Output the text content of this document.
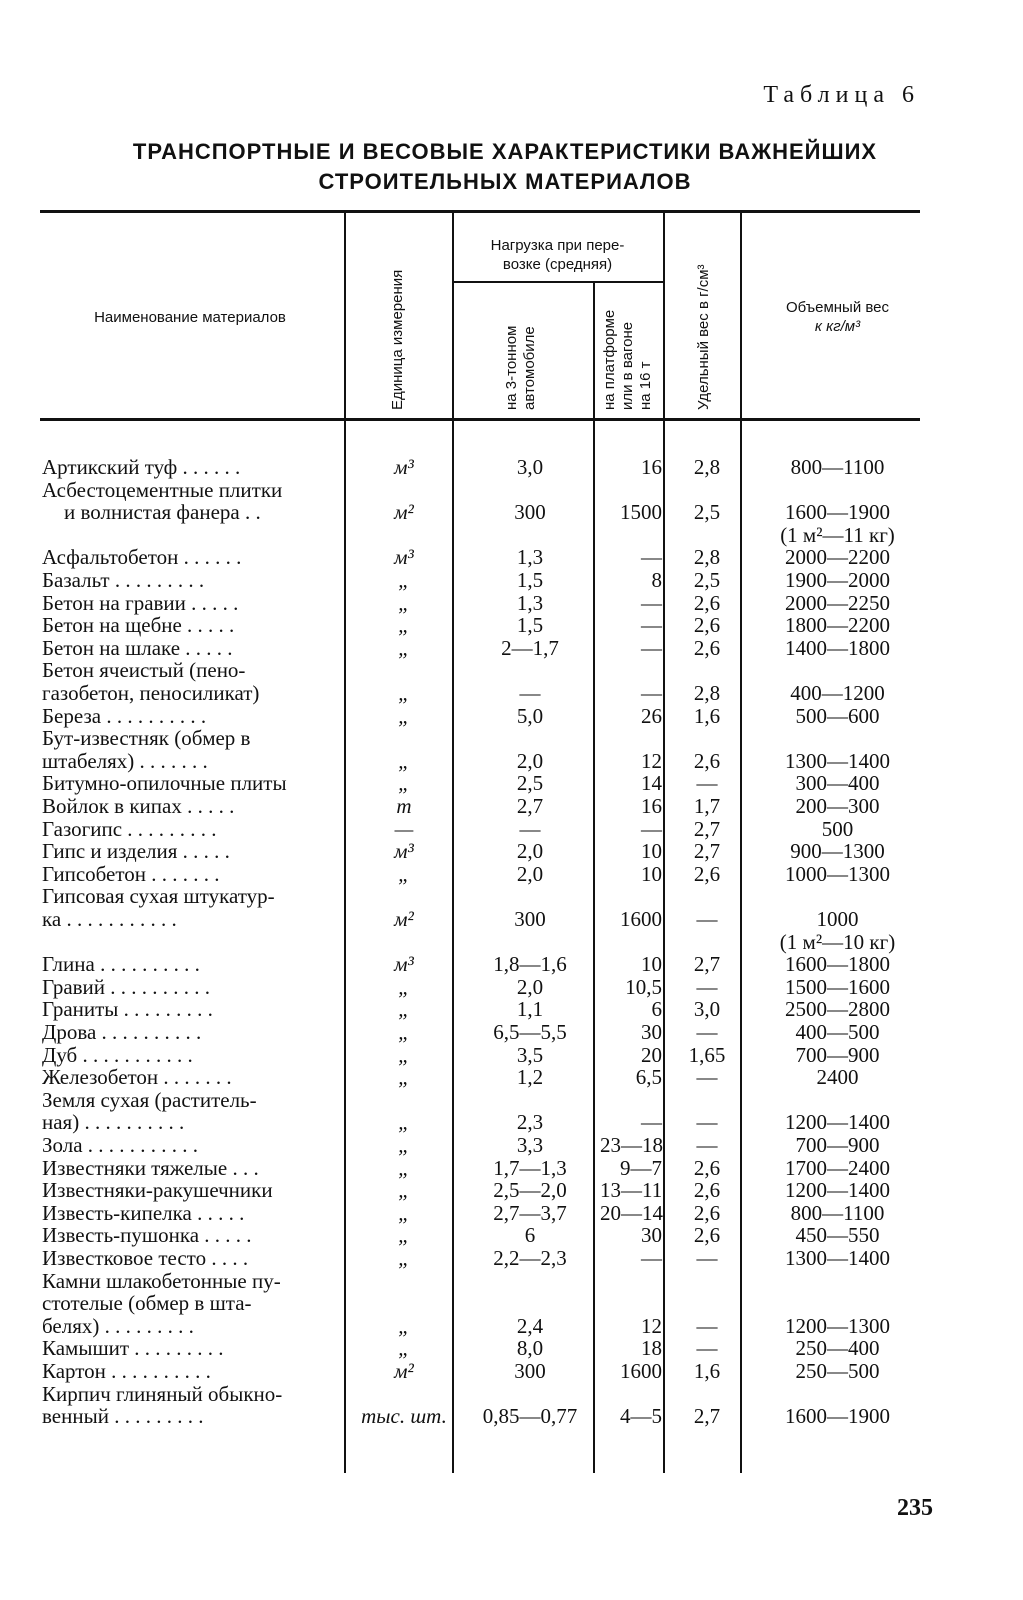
Таблица 6
ТРАНСПОРТНЫЕ И ВЕСОВЫЕ ХАРАКТЕРИСТИКИ ВАЖНЕЙШИХ
СТРОИТЕЛЬНЫХ МАТЕРИАЛОВ
Наименование материалов	Единица измерения
Нагрузка при пере-
возке (средняя)
на 3-тонном автомобиле	на платформе или в вагоне на 16 т	Удельный вес в г/см³	Объемный вес
к кг/м³
Артикский туф . . . . . .	м³	3,0	16	2,8	800—1100
Асбестоцементные плитки
и волнистая фанера . .	м²	300	1500	2,5	1600—1900
(1 м²—11 кг)
Асфальтобетон . . . . . .	м³	1,3	—	2,8	2000—2200
Базальт . . . . . . . . .	„	1,5	8	2,5	1900—2000
Бетон на гравии . . . . .	„	1,3	—	2,6	2000—2250
Бетон на щебне . . . . .	„	1,5	—	2,6	1800—2200
Бетон на шлаке . . . . .	„	2—1,7	—	2,6	1400—1800
Бетон ячеистый (пено-
газобетон, пеносиликат)	„	—	—	2,8	400—1200
Береза . . . . . . . . . .	„	5,0	26	1,6	500—600
Бут-известняк (обмер в
штабелях) . . . . . . .	„	2,0	12	2,6	1300—1400
Битумно-опилочные плиты	„	2,5	14	—	300—400
Войлок в кипах . . . . .	т	2,7	16	1,7	200—300
Газогипс . . . . . . . . .	—	—	—	2,7	500
Гипс и изделия . . . . .	м³	2,0	10	2,7	900—1300
Гипсобетон . . . . . . .	„	2,0	10	2,6	1000—1300
Гипсовая сухая штукатур-
ка . . . . . . . . . . .	м²	300	1600	—	1000
(1 м²—10 кг)
Глина . . . . . . . . . .	м³	1,8—1,6	10	2,7	1600—1800
Гравий . . . . . . . . . .	„	2,0	10,5	—	1500—1600
Граниты . . . . . . . . .	„	1,1	6	3,0	2500—2800
Дрова . . . . . . . . . .	„	6,5—5,5	30	—	400—500
Дуб . . . . . . . . . . .	„	3,5	20	1,65	700—900
Железобетон . . . . . . .	„	1,2	6,5	—	2400
Земля сухая (раститель-
ная) . . . . . . . . . .	„	2,3	—	—	1200—1400
Зола . . . . . . . . . . .	„	3,3	23—18	—	700—900
Известняки тяжелые . . .	„	1,7—1,3	9—7	2,6	1700—2400
Известняки-ракушечники	„	2,5—2,0	13—11	2,6	1200—1400
Известь-кипелка . . . . .	„	2,7—3,7	20—14	2,6	800—1100
Известь-пушонка . . . . .	„	6	30	2,6	450—550
Известковое тесто . . . .	„	2,2—2,3	—	—	1300—1400
Камни шлакобетонные пу-
стотелые (обмер в шта-
белях) . . . . . . . . .	„	2,4	12	—	1200—1300
Камышит . . . . . . . . .	„	8,0	18	—	250—400
Картон . . . . . . . . . .	м²	300	1600	1,6	250—500
Кирпич глиняный обыкно-
венный . . . . . . . . .	тыс. шт.	0,85—0,77	4—5	2,7	1600—1900
235
